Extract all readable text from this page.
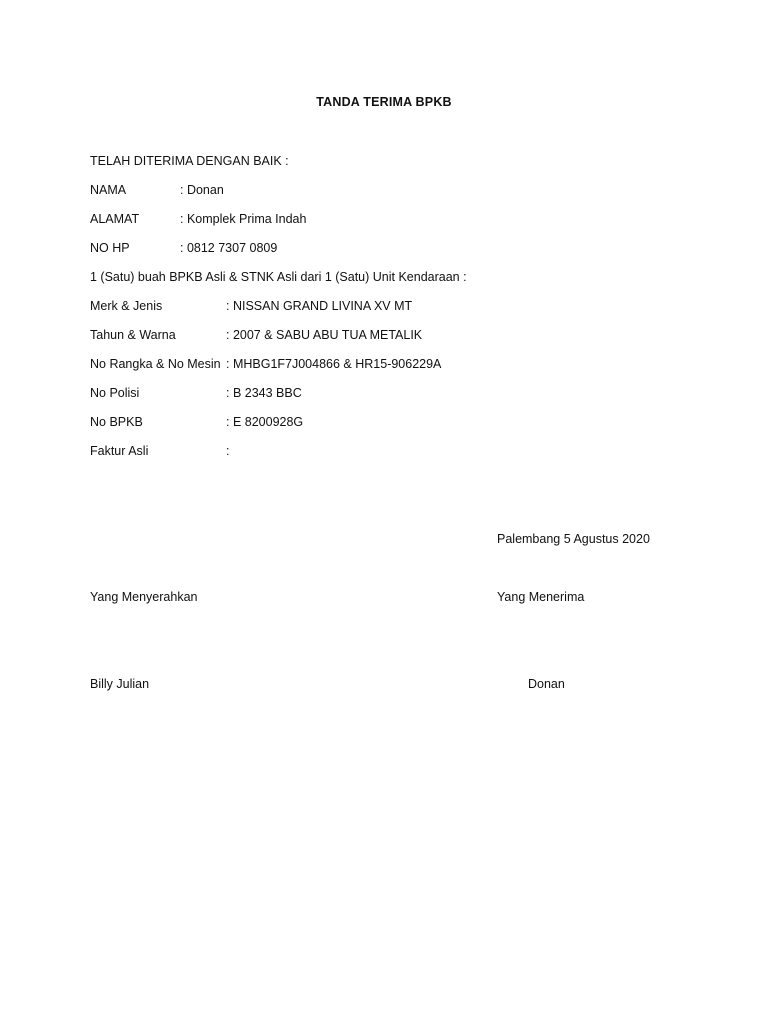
TANDA TERIMA BPKB
TELAH DITERIMA DENGAN BAIK :
NAMA	: Donan
ALAMAT	: Komplek Prima Indah
NO HP	: 0812 7307 0809
1 (Satu) buah BPKB Asli & STNK Asli dari 1 (Satu) Unit Kendaraan :
Merk & Jenis	: NISSAN GRAND LIVINA XV MT
Tahun & Warna	: 2007 & SABU ABU TUA METALIK
No Rangka & No Mesin : MHBG1F7J004866 & HR15-906229A
No Polisi	: B 2343 BBC
No BPKB	: E 8200928G
Faktur Asli	:
Palembang 5 Agustus 2020
Yang Menyerahkan	Yang Menerima
Billy Julian	Donan
